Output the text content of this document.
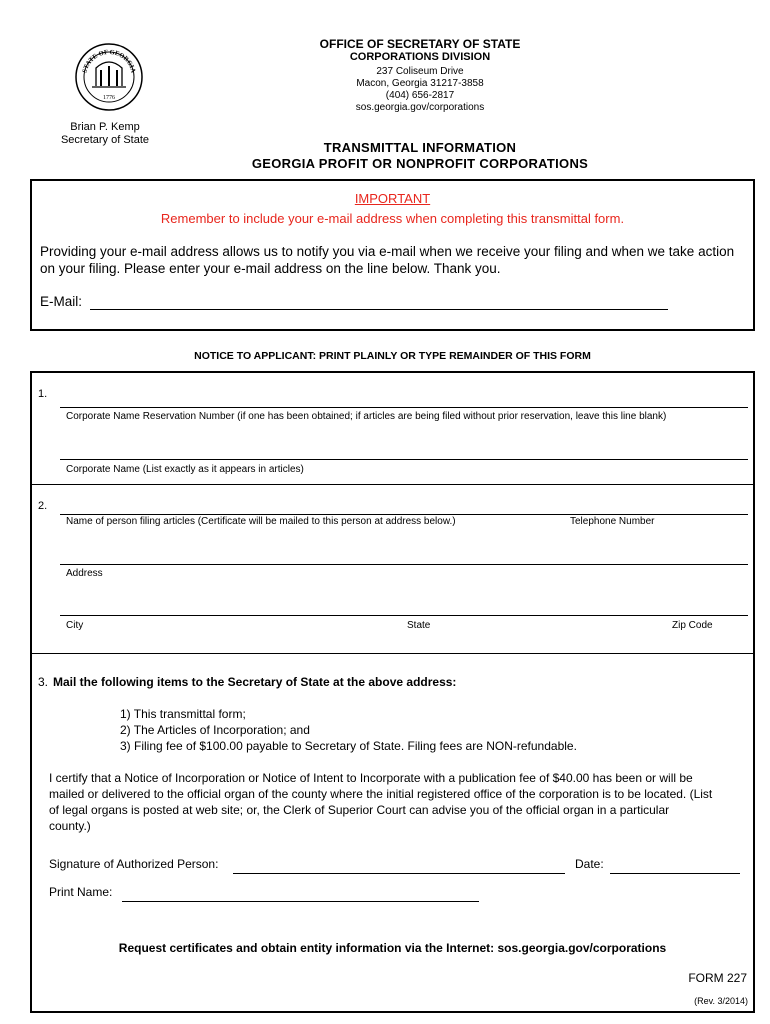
STATE OF GEORGIA
1776
Brian P. Kemp
Secretary of State
OFFICE OF SECRETARY OF STATE
CORPORATIONS DIVISION
237 Coliseum Drive
Macon, Georgia 31217-3858
(404) 656-2817
sos.georgia.gov/corporations
TRANSMITTAL INFORMATION
GEORGIA PROFIT OR NONPROFIT CORPORATIONS
IMPORTANT
Remember to include your e-mail address when completing this transmittal form.
Providing your e-mail address allows us to notify you via e-mail when we receive your filing and when we take action on your filing. Please enter your e-mail address on the line below. Thank you.
E-Mail:
NOTICE TO APPLICANT: PRINT PLAINLY OR TYPE REMAINDER OF THIS FORM
1.
Corporate Name Reservation Number (if one has been obtained; if articles are being filed without prior reservation, leave this line blank)
Corporate Name (List exactly as it appears in articles)
2.
Name of person filing articles (Certificate will be mailed to this person at address below.)	Telephone Number
Address
City	State	Zip Code
3. Mail the following items to the Secretary of State at the above address:
1) This transmittal form;
2) The Articles of Incorporation; and
3) Filing fee of $100.00 payable to Secretary of State. Filing fees are NON-refundable.
I certify that a Notice of Incorporation or Notice of Intent to Incorporate with a publication fee of $40.00 has been or will be mailed or delivered to the official organ of the county where the initial registered office of the corporation is to be located. (List of legal organs is posted at web site; or, the Clerk of Superior Court can advise you of the official organ in a particular county.)
Signature of Authorized Person:	Date:
Print Name:
Request certificates and obtain entity information via the Internet: sos.georgia.gov/corporations
FORM 227
(Rev. 3/2014)
